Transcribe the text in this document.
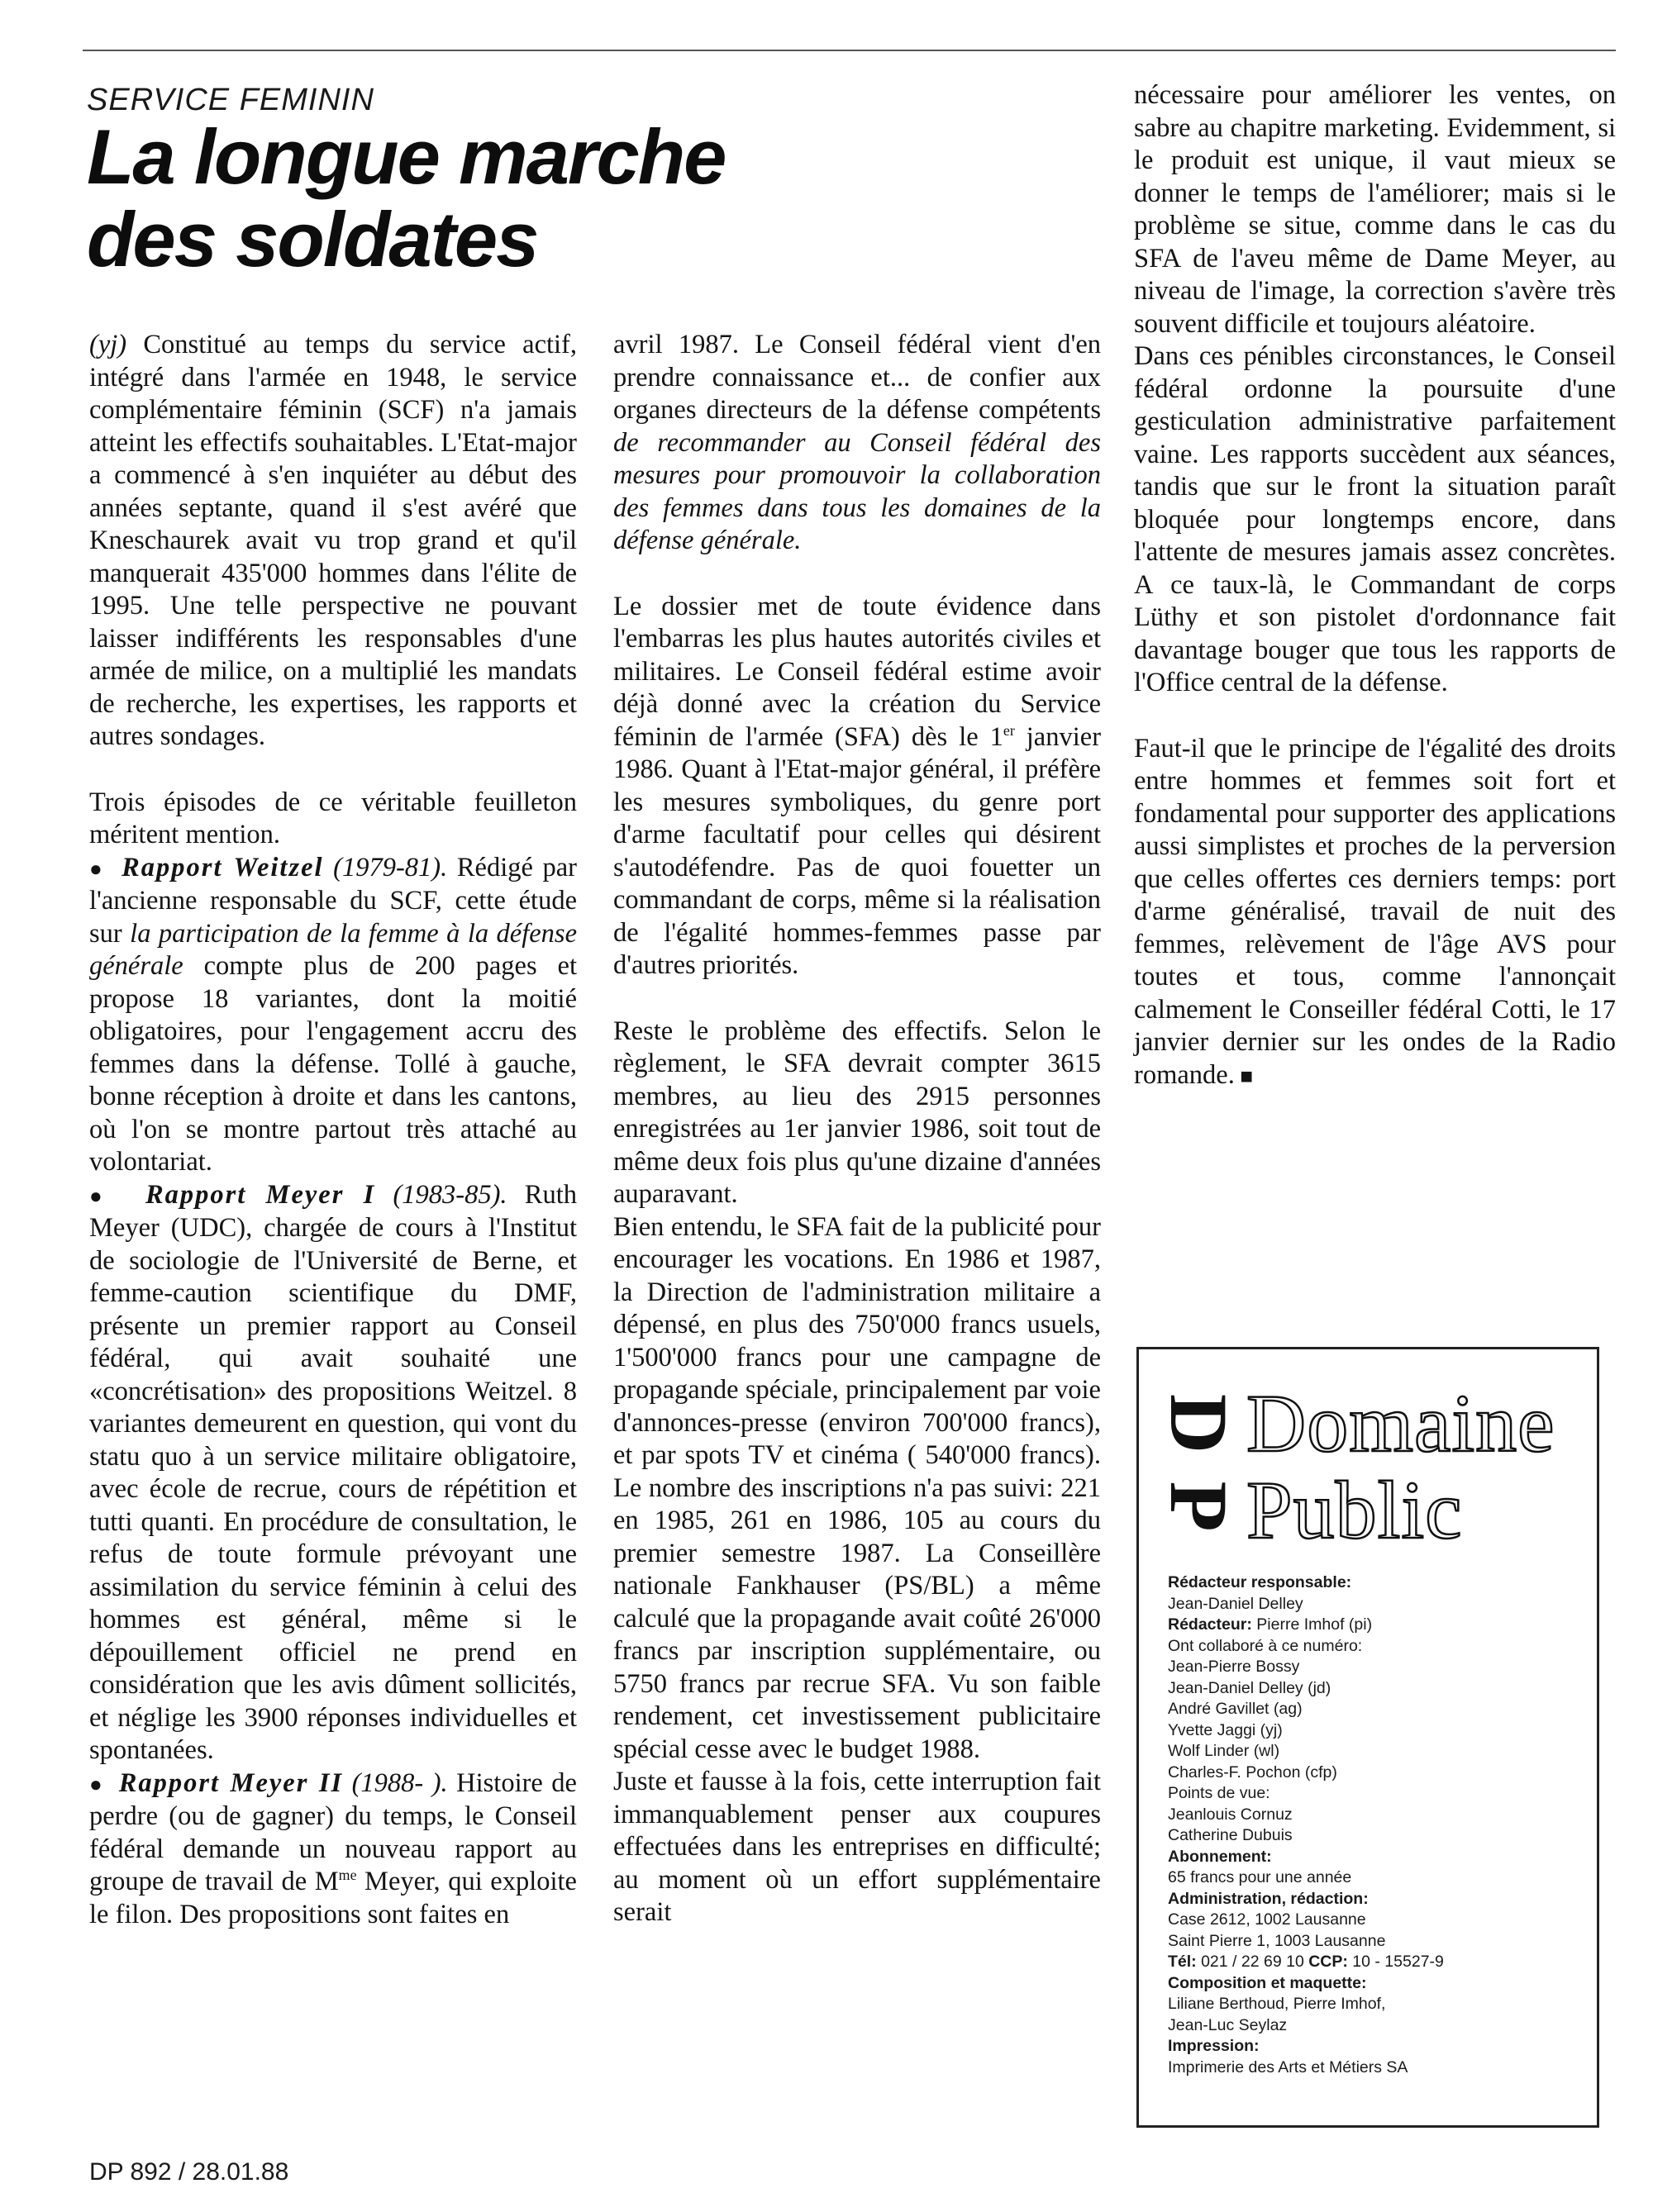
SERVICE FEMININ
La longue marche
des soldates

(yj) Constitué au temps du service actif, intégré dans l'armée en 1948, le service complémentaire féminin (SCF) n'a jamais atteint les effectifs souhaitables. L'Etat-major a commencé à s'en inquiéter au début des années septante, quand il s'est avéré que Kneschaurek avait vu trop grand et qu'il manquerait 435'000 hommes dans l'élite de 1995. Une telle perspective ne pouvant laisser indifférents les responsables d'une armée de milice, on a multiplié les mandats de recherche, les expertises, les rapports et autres sondages.

Trois épisodes de ce véritable feuilleton méritent mention.

●  Rapport Weitzel (1979-81). Rédigé par l'ancienne responsable du SCF, cette étude sur la participation de la femme à la défense générale compte plus de 200 pages et propose 18 variantes, dont la moitié obligatoires, pour l'engagement accru des femmes dans la défense. Tollé à gauche, bonne réception à droite et dans les cantons, où l'on se montre partout très attaché au volontariat.

●  Rapport Meyer I (1983-85). Ruth Meyer (UDC), chargée de cours à l'Institut de sociologie de l'Université de Berne, et femme-caution scientifique du DMF, présente un premier rapport au Conseil fédéral, qui avait souhaité une «concrétisation» des propositions Weitzel. 8 variantes demeurent en question, qui vont du statu quo à un service militaire obligatoire, avec école de recrue, cours de répétition et tutti quanti. En procédure de consultation, le refus de toute formule prévoyant une assimilation du service féminin à celui des hommes est général, même si le dépouillement officiel ne prend en considération que les avis dûment sollicités, et néglige les 3900 réponses individuelles et spontanées.

●  Rapport Meyer II (1988- ). Histoire de perdre (ou de gagner) du temps, le Conseil fédéral demande un nouveau rapport au groupe de travail de $M^{me}$ Meyer, qui exploite le filon. Des propositions sont faites en

avril 1987. Le Conseil fédéral vient d'en prendre connaissance et... de confier aux organes directeurs de la défense compétents de recommander au Conseil fédéral des mesures pour promouvoir la collaboration des femmes dans tous les domaines de la défense générale.

Le dossier met de toute évidence dans l'embarras les plus hautes autorités civiles et militaires. Le Conseil fédéral estime avoir déjà donné avec la création du Service féminin de l'armée (SFA) dès le 1er janvier 1986. Quant à l'Etat-major général, il préfère les mesures symboliques, du genre port d'arme facultatif pour celles qui désirent s'autodéfendre. Pas de quoi fouetter un commandant de corps, même si la réalisation de l'égalité hommes-femmes passe par d'autres priorités.

Reste le problème des effectifs. Selon le règlement, le SFA devrait compter 3615 membres, au lieu des 2915 personnes enregistrées au 1er janvier 1986, soit tout de même deux fois plus qu'une dizaine d'années auparavant.

Bien entendu, le SFA fait de la publicité pour encourager les vocations. En 1986 et 1987, la Direction de l'administration militaire a dépensé, en plus des 750'000 francs usuels, 1'500'000 francs pour une campagne de propagande spéciale, principalement par voie d'annonces-presse (environ 700'000 francs), et par spots TV et cinéma ( 540'000 francs). Le nombre des inscriptions n'a pas suivi: 221 en 1985, 261 en 1986, 105 au cours du premier semestre 1987. La Conseillère nationale Fankhauser (PS/BL) a même calculé que la propagande avait coûté 26'000 francs par inscription supplémentaire, ou 5750 francs par recrue SFA. Vu son faible rendement, cet investissement publicitaire spécial cesse avec le budget 1988.

Juste et fausse à la fois, cette interruption fait immanquablement penser aux coupures effectuées dans les entreprises en difficulté; au moment où un effort supplémentaire serait

nécessaire pour améliorer les ventes, on sabre au chapitre marketing. Evidemment, si le produit est unique, il vaut mieux se donner le temps de l'améliorer; mais si le problème se situe, comme dans le cas du SFA de l'aveu même de Dame Meyer, au niveau de l'image, la correction s'avère très souvent difficile et toujours aléatoire.

Dans ces pénibles circonstances, le Conseil fédéral ordonne la poursuite d'une gesticulation administrative parfaitement vaine. Les rapports succèdent aux séances, tandis que sur le front la situation paraît bloquée pour longtemps encore, dans l'attente de mesures jamais assez concrètes. A ce taux-là, le Commandant de corps Lüthy et son pistolet d'ordonnance fait davantage bouger que tous les rapports de l'Office central de la défense.

Faut-il que le principe de l'égalité des droits entre hommes et femmes soit fort et fondamental pour supporter des applications aussi simplistes et proches de la perversion que celles offertes ces derniers temps: port d'arme généralisé, travail de nuit des femmes, relèvement de l'âge AVS pour toutes et tous, comme l'annonçait calmement le Conseiller fédéral Cotti, le 17 janvier dernier sur les ondes de la Radio romande. ■

D
P
Domaine
Public
Rédacteur responsable:
Jean-Daniel Delley
Rédacteur: Pierre Imhof (pi)
Ont collaboré à ce numéro:
Jean-Pierre Bossy
Jean-Daniel Delley (jd)
André Gavillet (ag)
Yvette Jaggi (yj)
Wolf Linder (wl)
Charles-F. Pochon (cfp)
Points de vue:
Jeanlouis Cornuz
Catherine Dubuis
Abonnement:
65 francs pour une année
Administration, rédaction:
Case 2612, 1002 Lausanne
Saint Pierre 1, 1003 Lausanne
Tél: 021 / 22 69 10 CCP: 10 - 15527-9
Composition et maquette:
Liliane Berthoud, Pierre Imhof,
Jean-Luc Seylaz
Impression:
Imprimerie des Arts et Métiers SA
DP 892 / 28.01.88
